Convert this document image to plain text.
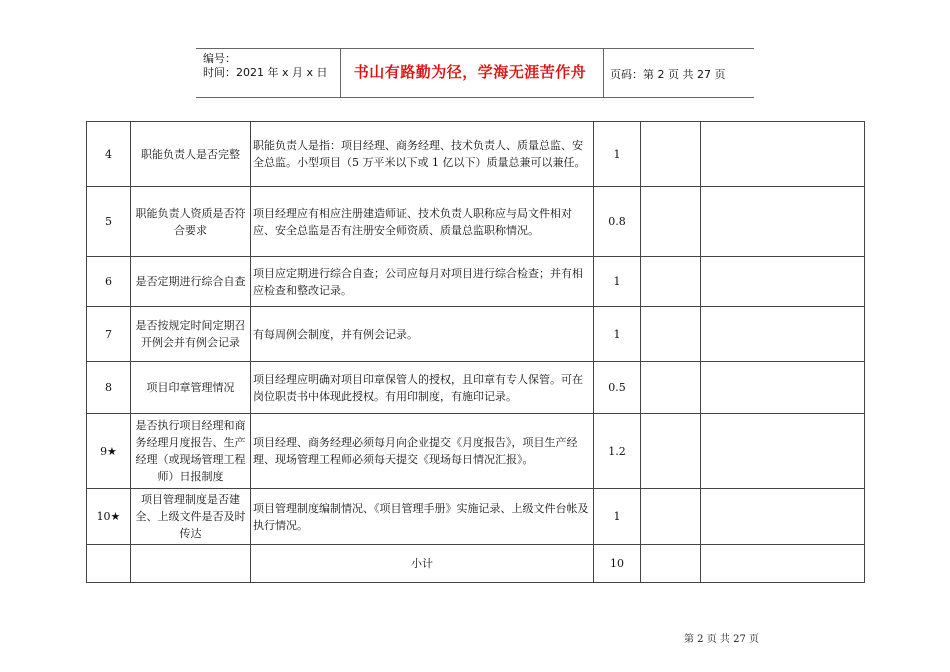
编号：
时间：2021 年 x 月 x 日	书山有路勤为径，学海无涯苦作舟	页码：第 2 页 共 27 页
4	职能负责人是否完整	职能负责人是指：项目经理、商务经理、技术负责人、质量总监、安全总监。小型项目（5 万平米以下或 1 亿以下）质量总兼可以兼任。	1		
5	职能负责人资质是否符合要求	项目经理应有相应注册建造师证、技术负责人职称应与局文件相对应、安全总监是否有注册安全师资质、质量总监职称情况。	0.8		
6	是否定期进行综合自查	项目应定期进行综合自查；公司应每月对项目进行综合检查；并有相应检查和整改记录。	1		
7	是否按规定时间定期召开例会并有例会记录	有每周例会制度，并有例会记录。	1		
8	项目印章管理情况	项目经理应明确对项目印章保管人的授权，且印章有专人保管。可在岗位职责书中体现此授权。有用印制度，有施印记录。	0.5		
9★	是否执行项目经理和商务经理月度报告、生产经理（或现场管理工程师）日报制度	项目经理、商务经理必须每月向企业提交《月度报告》，项目生产经理、现场管理工程师必须每天提交《现场每日情况汇报》。	1.2		
10★	项目管理制度是否建全、上级文件是否及时传达	项目管理制度编制情况、《项目管理手册》实施记录、上级文件台帐及执行情况。	1		
		小计	10		
第 2 页 共 27 页
